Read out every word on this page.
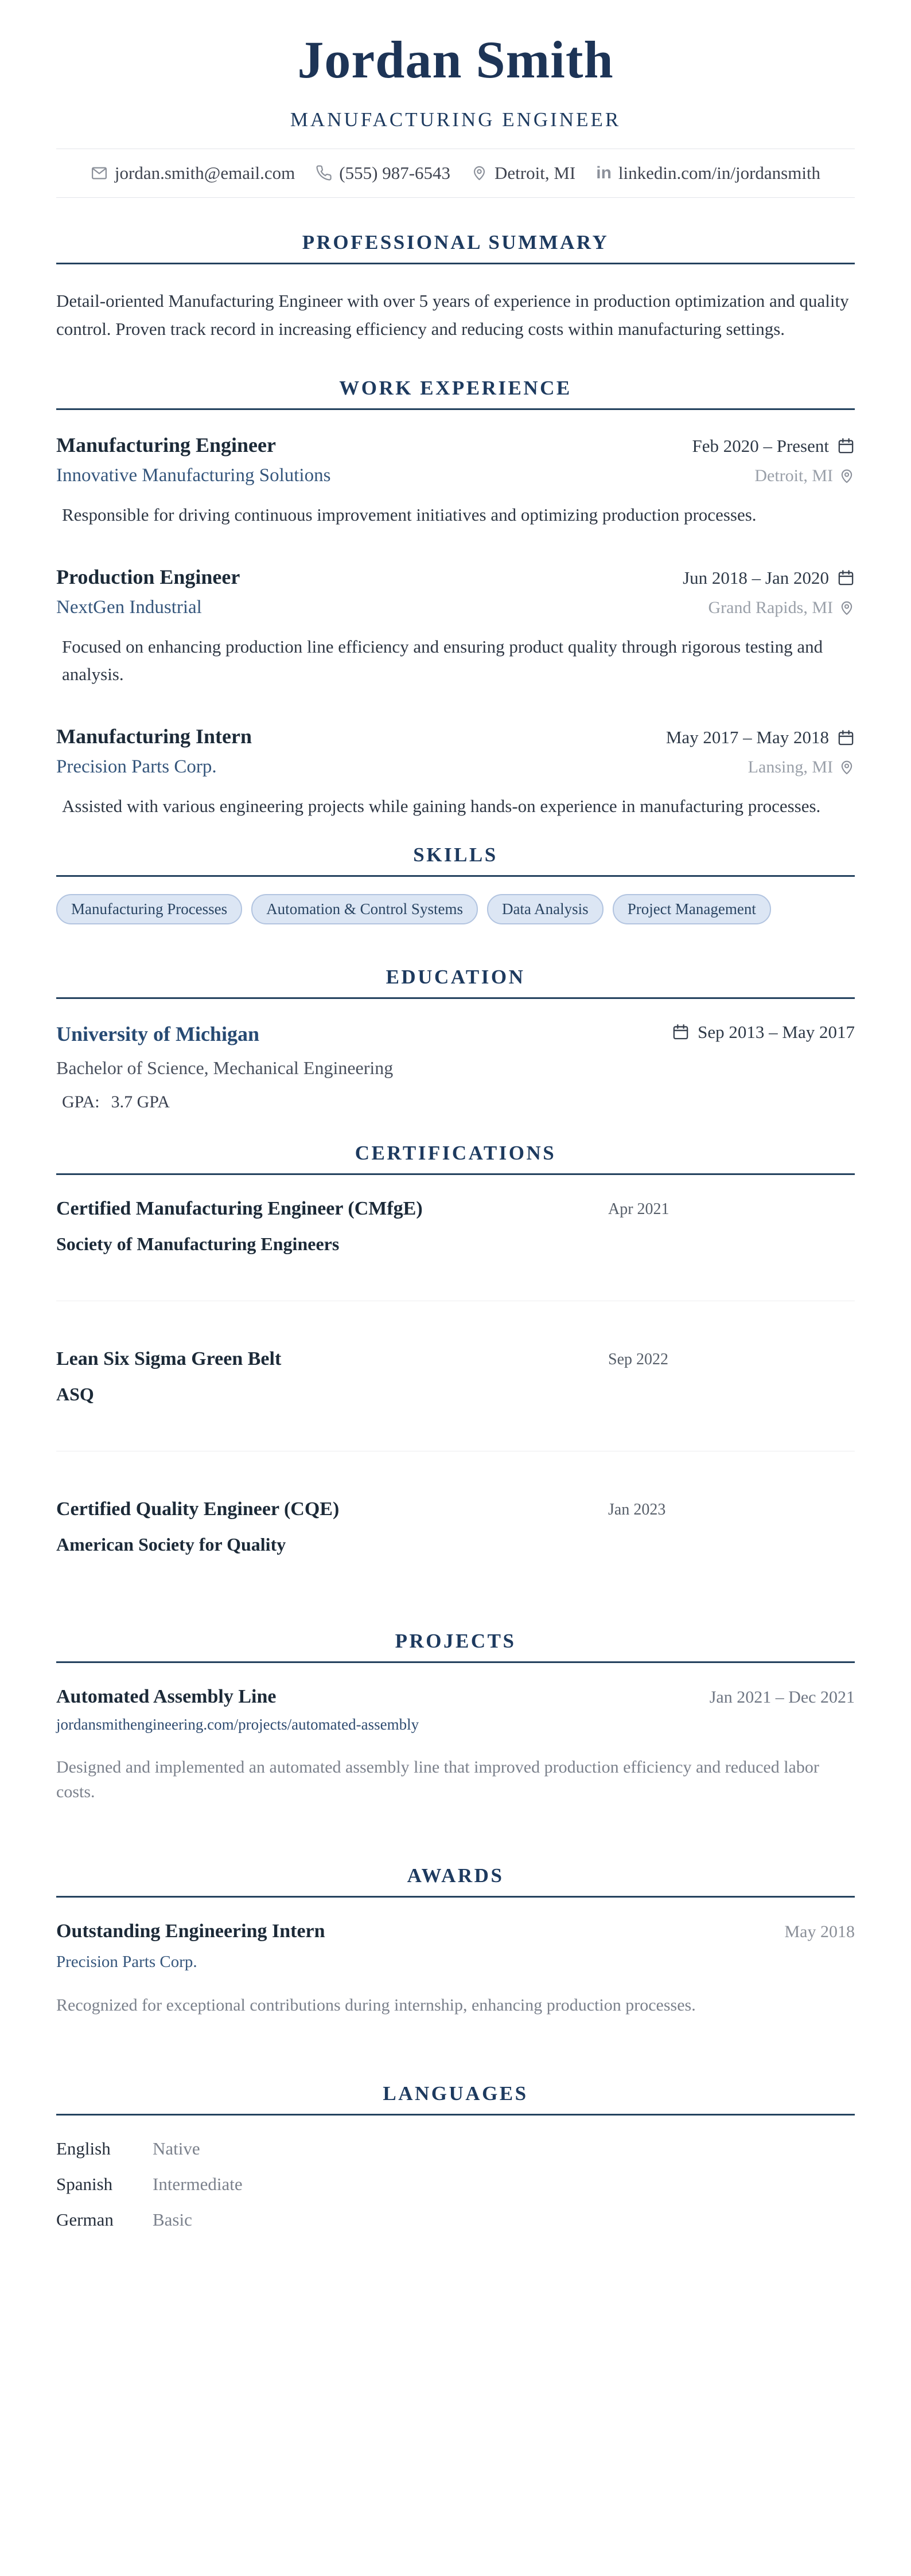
Jordan Smith
MANUFACTURING ENGINEER
jordan.smith@email.com (555) 987-6543 Detroit, MI in linkedin.com/in/jordansmith
PROFESSIONAL SUMMARY

Detail-oriented Manufacturing Engineer with over 5 years of experience in production optimization and quality control. Proven track record in increasing efficiency and reducing costs within manufacturing settings.

WORK EXPERIENCE
Manufacturing Engineer	Feb 2020 – Present
Innovative Manufacturing Solutions	Detroit, MI

Responsible for driving continuous improvement initiatives and optimizing production processes.

Production Engineer	Jun 2018 – Jan 2020
NextGen Industrial	Grand Rapids, MI

Focused on enhancing production line efficiency and ensuring product quality through rigorous testing and analysis.

Manufacturing Intern	May 2017 – May 2018
Precision Parts Corp.	Lansing, MI

Assisted with various engineering projects while gaining hands-on experience in manufacturing processes.

SKILLS
Manufacturing Processes	Automation & Control Systems	Data Analysis	Project Management
EDUCATION
University of Michigan	Sep 2013 – May 2017
Bachelor of Science, Mechanical Engineering
GPA: 3.7 GPA
CERTIFICATIONS
Certified Manufacturing Engineer (CMfgE)	Apr 2021
Society of Manufacturing Engineers
Lean Six Sigma Green Belt	Sep 2022
ASQ
Certified Quality Engineer (CQE)	Jan 2023
American Society for Quality
PROJECTS
Automated Assembly Line	Jan 2021 – Dec 2021
jordansmithengineering.com/projects/automated-assembly

Designed and implemented an automated assembly line that improved production efficiency and reduced labor costs.

AWARDS
Outstanding Engineering Intern	May 2018
Precision Parts Corp.

Recognized for exceptional contributions during internship, enhancing production processes.

LANGUAGES
English	Native
Spanish	Intermediate
German	Basic
